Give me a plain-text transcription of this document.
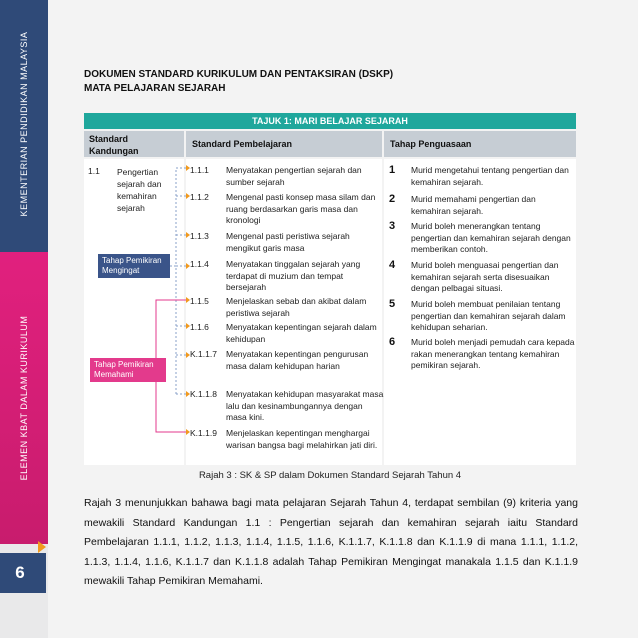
KEMENTERIAN PENDIDIKAN MALAYSIA
ELEMEN KBAT DALAM KURIKULUM
6
DOKUMEN STANDARD KURIKULUM DAN PENTAKSIRAN (DSKP)
MATA PELAJARAN SEJARAH
TAJUK 1: MARI BELAJAR SEJARAH
Standard Kandungan
Standard Pembelajaran	Tahap Penguasaan
1.1 Pengertian sejarah dan kemahiran sejarah
Tahap Pemikiran Mengingat
Tahap Pemikiran Memahami
1.1.1 Menyatakan pengertian sejarah dan sumber sejarah
1.1.2 Mengenal pasti konsep masa silam dan ruang berdasarkan garis masa dan kronologi
1.1.3 Mengenal pasti peristiwa sejarah mengikut garis masa
1.1.4 Menyatakan tinggalan sejarah yang terdapat di muzium dan tempat bersejarah
1.1.5 Menjelaskan sebab dan akibat dalam peristiwa sejarah
1.1.6 Menyatakan kepentingan sejarah dalam kehidupan
K.1.1.7 Menyatakan kepentingan pengurusan masa dalam kehidupan harian
K.1.1.8 Menyatakan kehidupan masyarakat masa lalu dan kesinambungannya dengan masa kini.
K.1.1.9 Menjelaskan kepentingan menghargai warisan bangsa bagi melahirkan jati diri.
1 Murid mengetahui tentang pengertian dan kemahiran sejarah.
2 Murid memahami pengertian dan kemahiran sejarah.
3 Murid boleh menerangkan tentang pengertian dan kemahiran sejarah dengan memberikan contoh.
4 Murid boleh menguasai pengertian dan kemahiran sejarah serta disesuaikan dengan pelbagai situasi.
5 Murid boleh membuat penilaian tentang pengertian dan kemahiran sejarah dalam kehidupan seharian.
6 Murid boleh menjadi pemudah cara kepada rakan menerangkan tentang kemahiran pemikiran sejarah.
Rajah 3 : SK & SP dalam Dokumen Standard Sejarah Tahun 4
Rajah 3 menunjukkan bahawa bagi mata pelajaran Sejarah Tahun 4, terdapat sembilan (9) kriteria yang mewakili Standard Kandungan 1.1 : Pengertian sejarah dan kemahiran sejarah iaitu Standard Pembelajaran 1.1.1, 1.1.2, 1.1.3, 1.1.4, 1.1.5, 1.1.6, K.1.1.7, K.1.1.8 dan K.1.1.9 di mana 1.1.1, 1.1.2, 1.1.3, 1.1.4, 1.1.6, K.1.1.7 dan K.1.1.8 adalah Tahap Pemikiran Mengingat manakala 1.1.5 dan K.1.1.9 mewakili Tahap Pemikiran Memahami.
